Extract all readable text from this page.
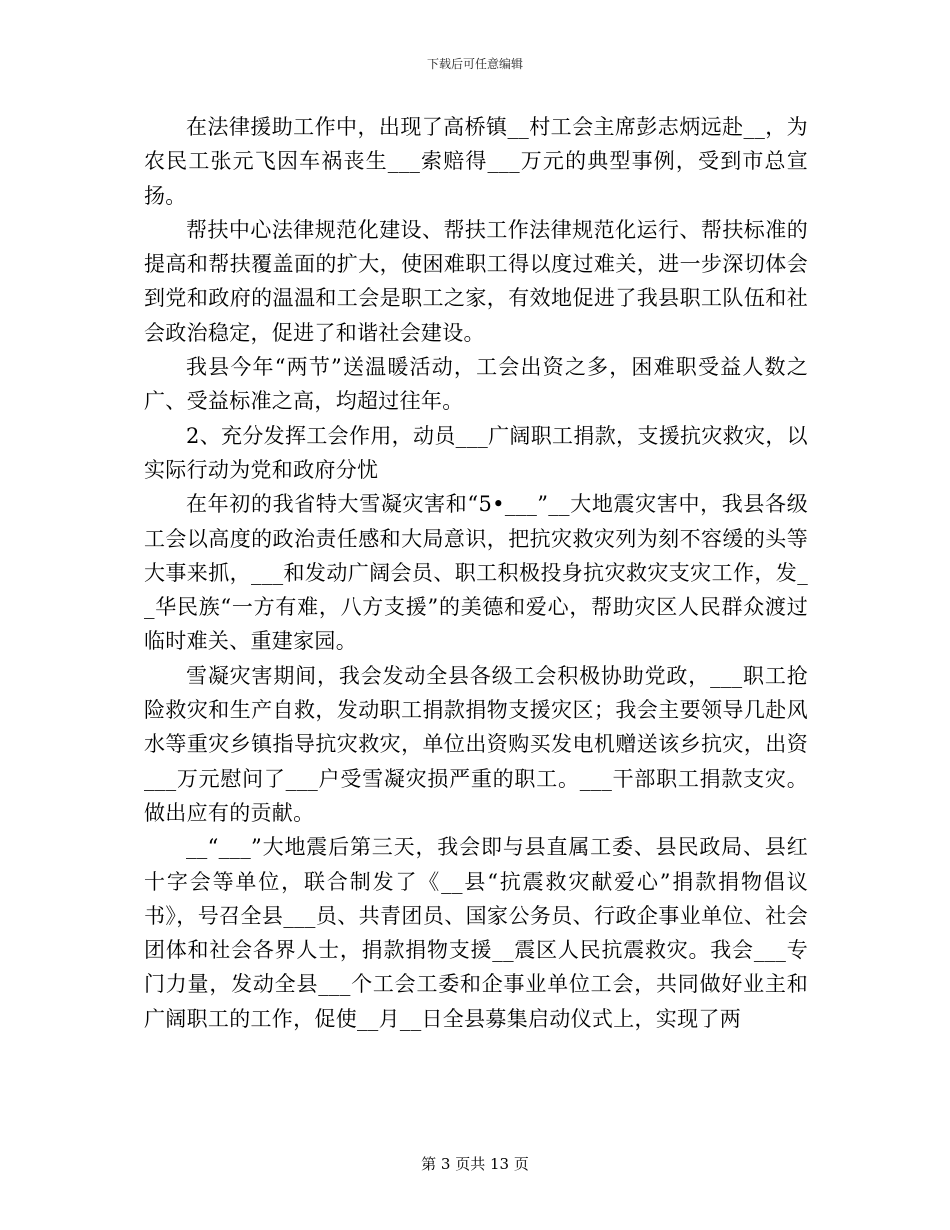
下载后可任意编辑

在法律援助工作中，出现了高桥镇__村工会主席彭志炳远赴__，为农民工张元飞因车祸丧生___索赔得___万元的典型事例，受到市总宣扬。

帮扶中心法律规范化建设、帮扶工作法律规范化运行、帮扶标准的提高和帮扶覆盖面的扩大，使困难职工得以度过难关，进一步深切体会到党和政府的温温和工会是职工之家，有效地促进了我县职工队伍和社会政治稳定，促进了和谐社会建设。

我县今年“两节”送温暖活动，工会出资之多，困难职受益人数之广、受益标准之高，均超过往年。

2、充分发挥工会作用，动员___广阔职工捐款，支援抗灾救灾，以实际行动为党和政府分忧

在年初的我省特大雪凝灾害和“5•___”__大地震灾害中，我县各级工会以高度的政治责任感和大局意识，把抗灾救灾列为刻不容缓的头等大事来抓，___和发动广阔会员、职工积极投身抗灾救灾支灾工作，发__华民族“一方有难，八方支援”的美德和爱心，帮助灾区人民群众渡过临时难关、重建家园。

雪凝灾害期间，我会发动全县各级工会积极协助党政，___职工抢险救灾和生产自救，发动职工捐款捐物支援灾区；我会主要领导几赴风水等重灾乡镇指导抗灾救灾，单位出资购买发电机赠送该乡抗灾，出资___万元慰问了___户受雪凝灾损严重的职工。___干部职工捐款支灾。做出应有的贡献。

__“___”大地震后第三天，我会即与县直属工委、县民政局、县红十字会等单位，联合制发了《__县“抗震救灾献爱心”捐款捐物倡议书》，号召全县___员、共青团员、国家公务员、行政企事业单位、社会团体和社会各界人士，捐款捐物支援__震区人民抗震救灾。我会___专门力量，发动全县___个工会工委和企事业单位工会，共同做好业主和广阔职工的工作，促使__月__日全县募集启动仪式上，实现了两

第 3 页共 13 页
